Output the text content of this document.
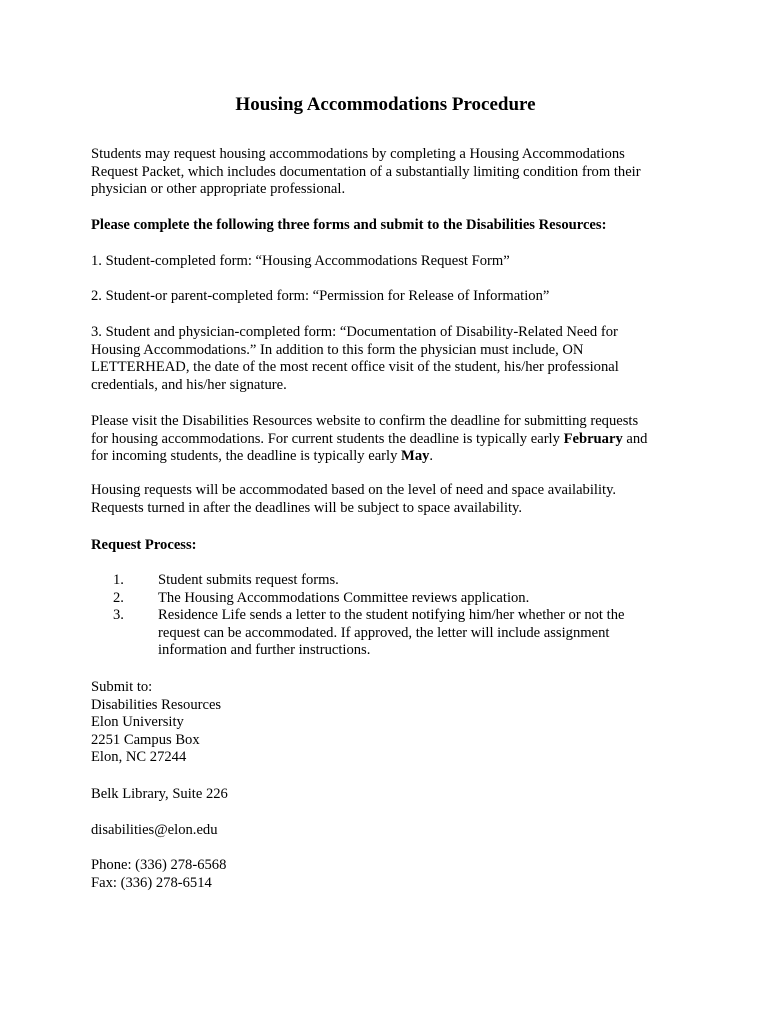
Housing Accommodations Procedure

Students may request housing accommodations by completing a Housing Accommodations Request Packet, which includes documentation of a substantially limiting condition from their physician or other appropriate professional.

Please complete the following three forms and submit to the Disabilities Resources:

1. Student-completed form: “Housing Accommodations Request Form”

2. Student-or parent-completed form: “Permission for Release of Information”

3. Student and physician-completed form: “Documentation of Disability-Related Need for Housing Accommodations.” In addition to this form the physician must include, ON LETTERHEAD, the date of the most recent office visit of the student, his/her professional credentials, and his/her signature.

Please visit the Disabilities Resources website to confirm the deadline for submitting requests for housing accommodations. For current students the deadline is typically early February and for incoming students, the deadline is typically early May.

Housing requests will be accommodated based on the level of need and space availability. Requests turned in after the deadlines will be subject to space availability.

Request Process:

1. Student submits request forms.
2. The Housing Accommodations Committee reviews application.
3. Residence Life sends a letter to the student notifying him/her whether or not the request can be accommodated. If approved, the letter will include assignment information and further instructions.
Submit to:
Disabilities Resources
Elon University
2251 Campus Box
Elon, NC 27244
Belk Library, Suite 226
disabilities@elon.edu
Phone: (336) 278-6568
Fax: (336) 278-6514
